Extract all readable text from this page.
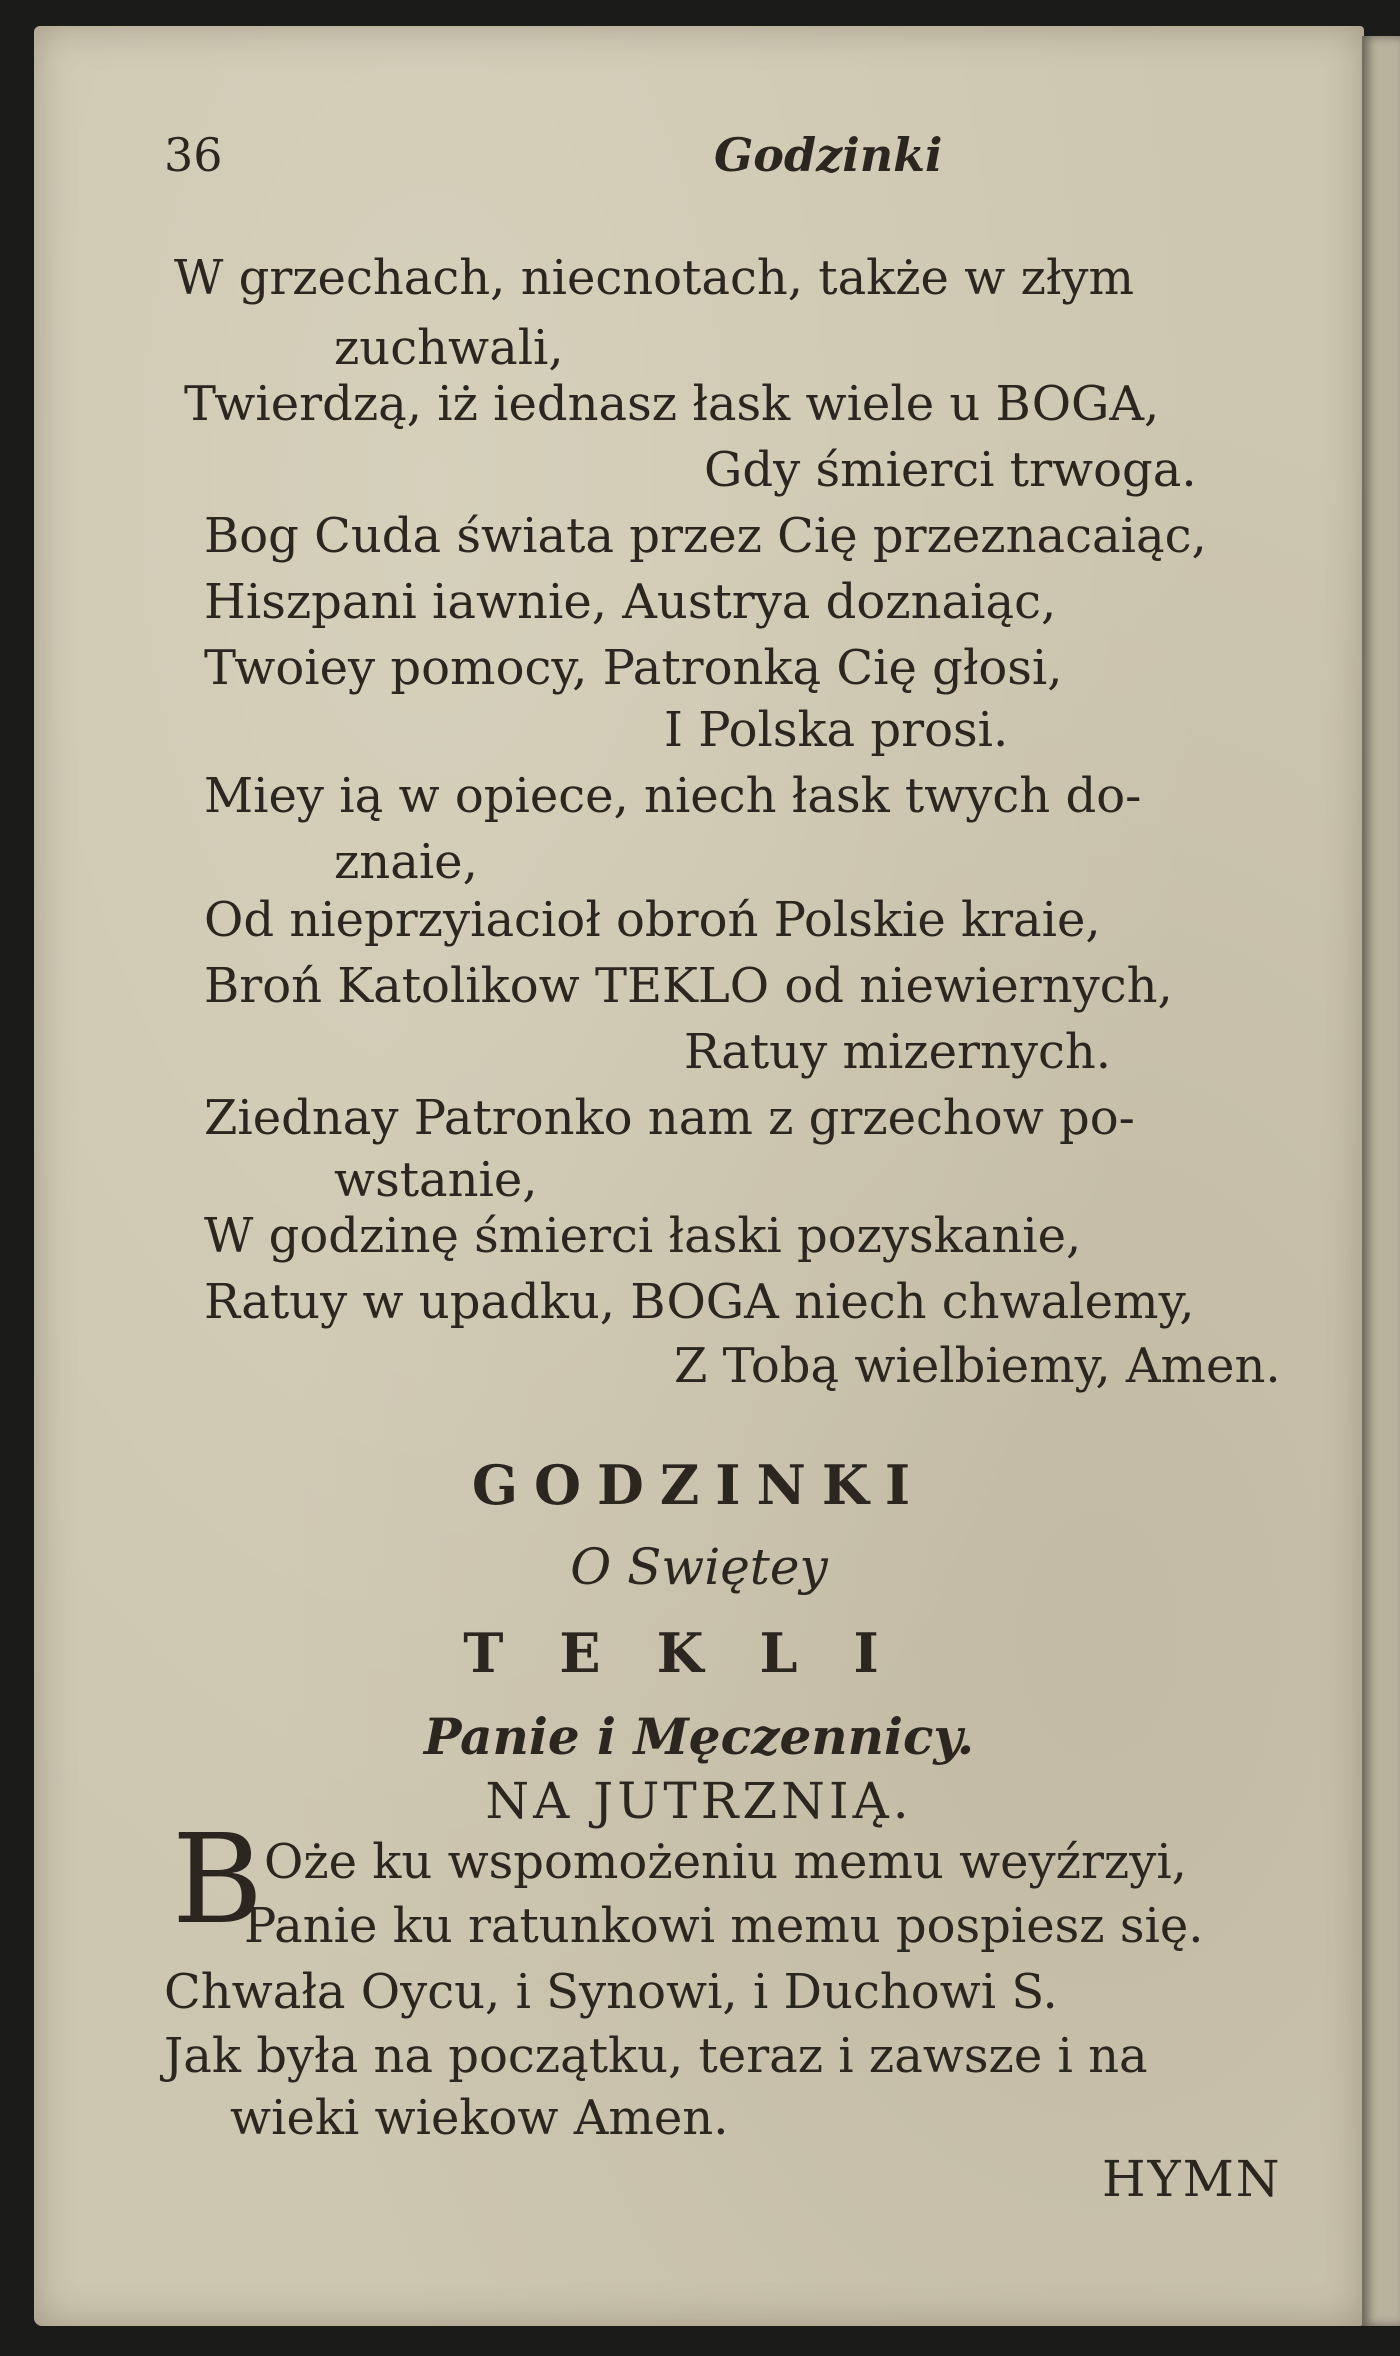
36	Godzinki
W grzechach, niecnotach, także w złym
zuchwali,
Twierdzą, iż iednasz łask wiele u BOGA,
Gdy śmierci trwoga.
Bog Cuda świata przez Cię przeznacaiąc,
Hiszpani iawnie, Austrya doznaiąc,
Twoiey pomocy, Patronką Cię głosi,
I Polska prosi.
Miey ią w opiece, niech łask twych do-
znaie,
Od nieprzyiacioł obroń Polskie kraie,
Broń Katolikow TEKLO od niewiernych,
Ratuy mizernych.
Ziednay Patronko nam z grzechow po-
wstanie,
W godzinę śmierci łaski pozyskanie,
Ratuy w upadku, BOGA niech chwalemy,
Z Tobą wielbiemy, Amen.
GODZINKI
O Swiętey
TEKLI
Panie i Męczennicy.
NA JUTRZNIĄ.
B Oże ku wspomożeniu memu weyźrzyi,
Panie ku ratunkowi memu pospiesz się.
Chwała Oycu, i Synowi, i Duchowi S.
Jak była na początku, teraz i zawsze i na
wieki wiekow Amen.
HYMN
